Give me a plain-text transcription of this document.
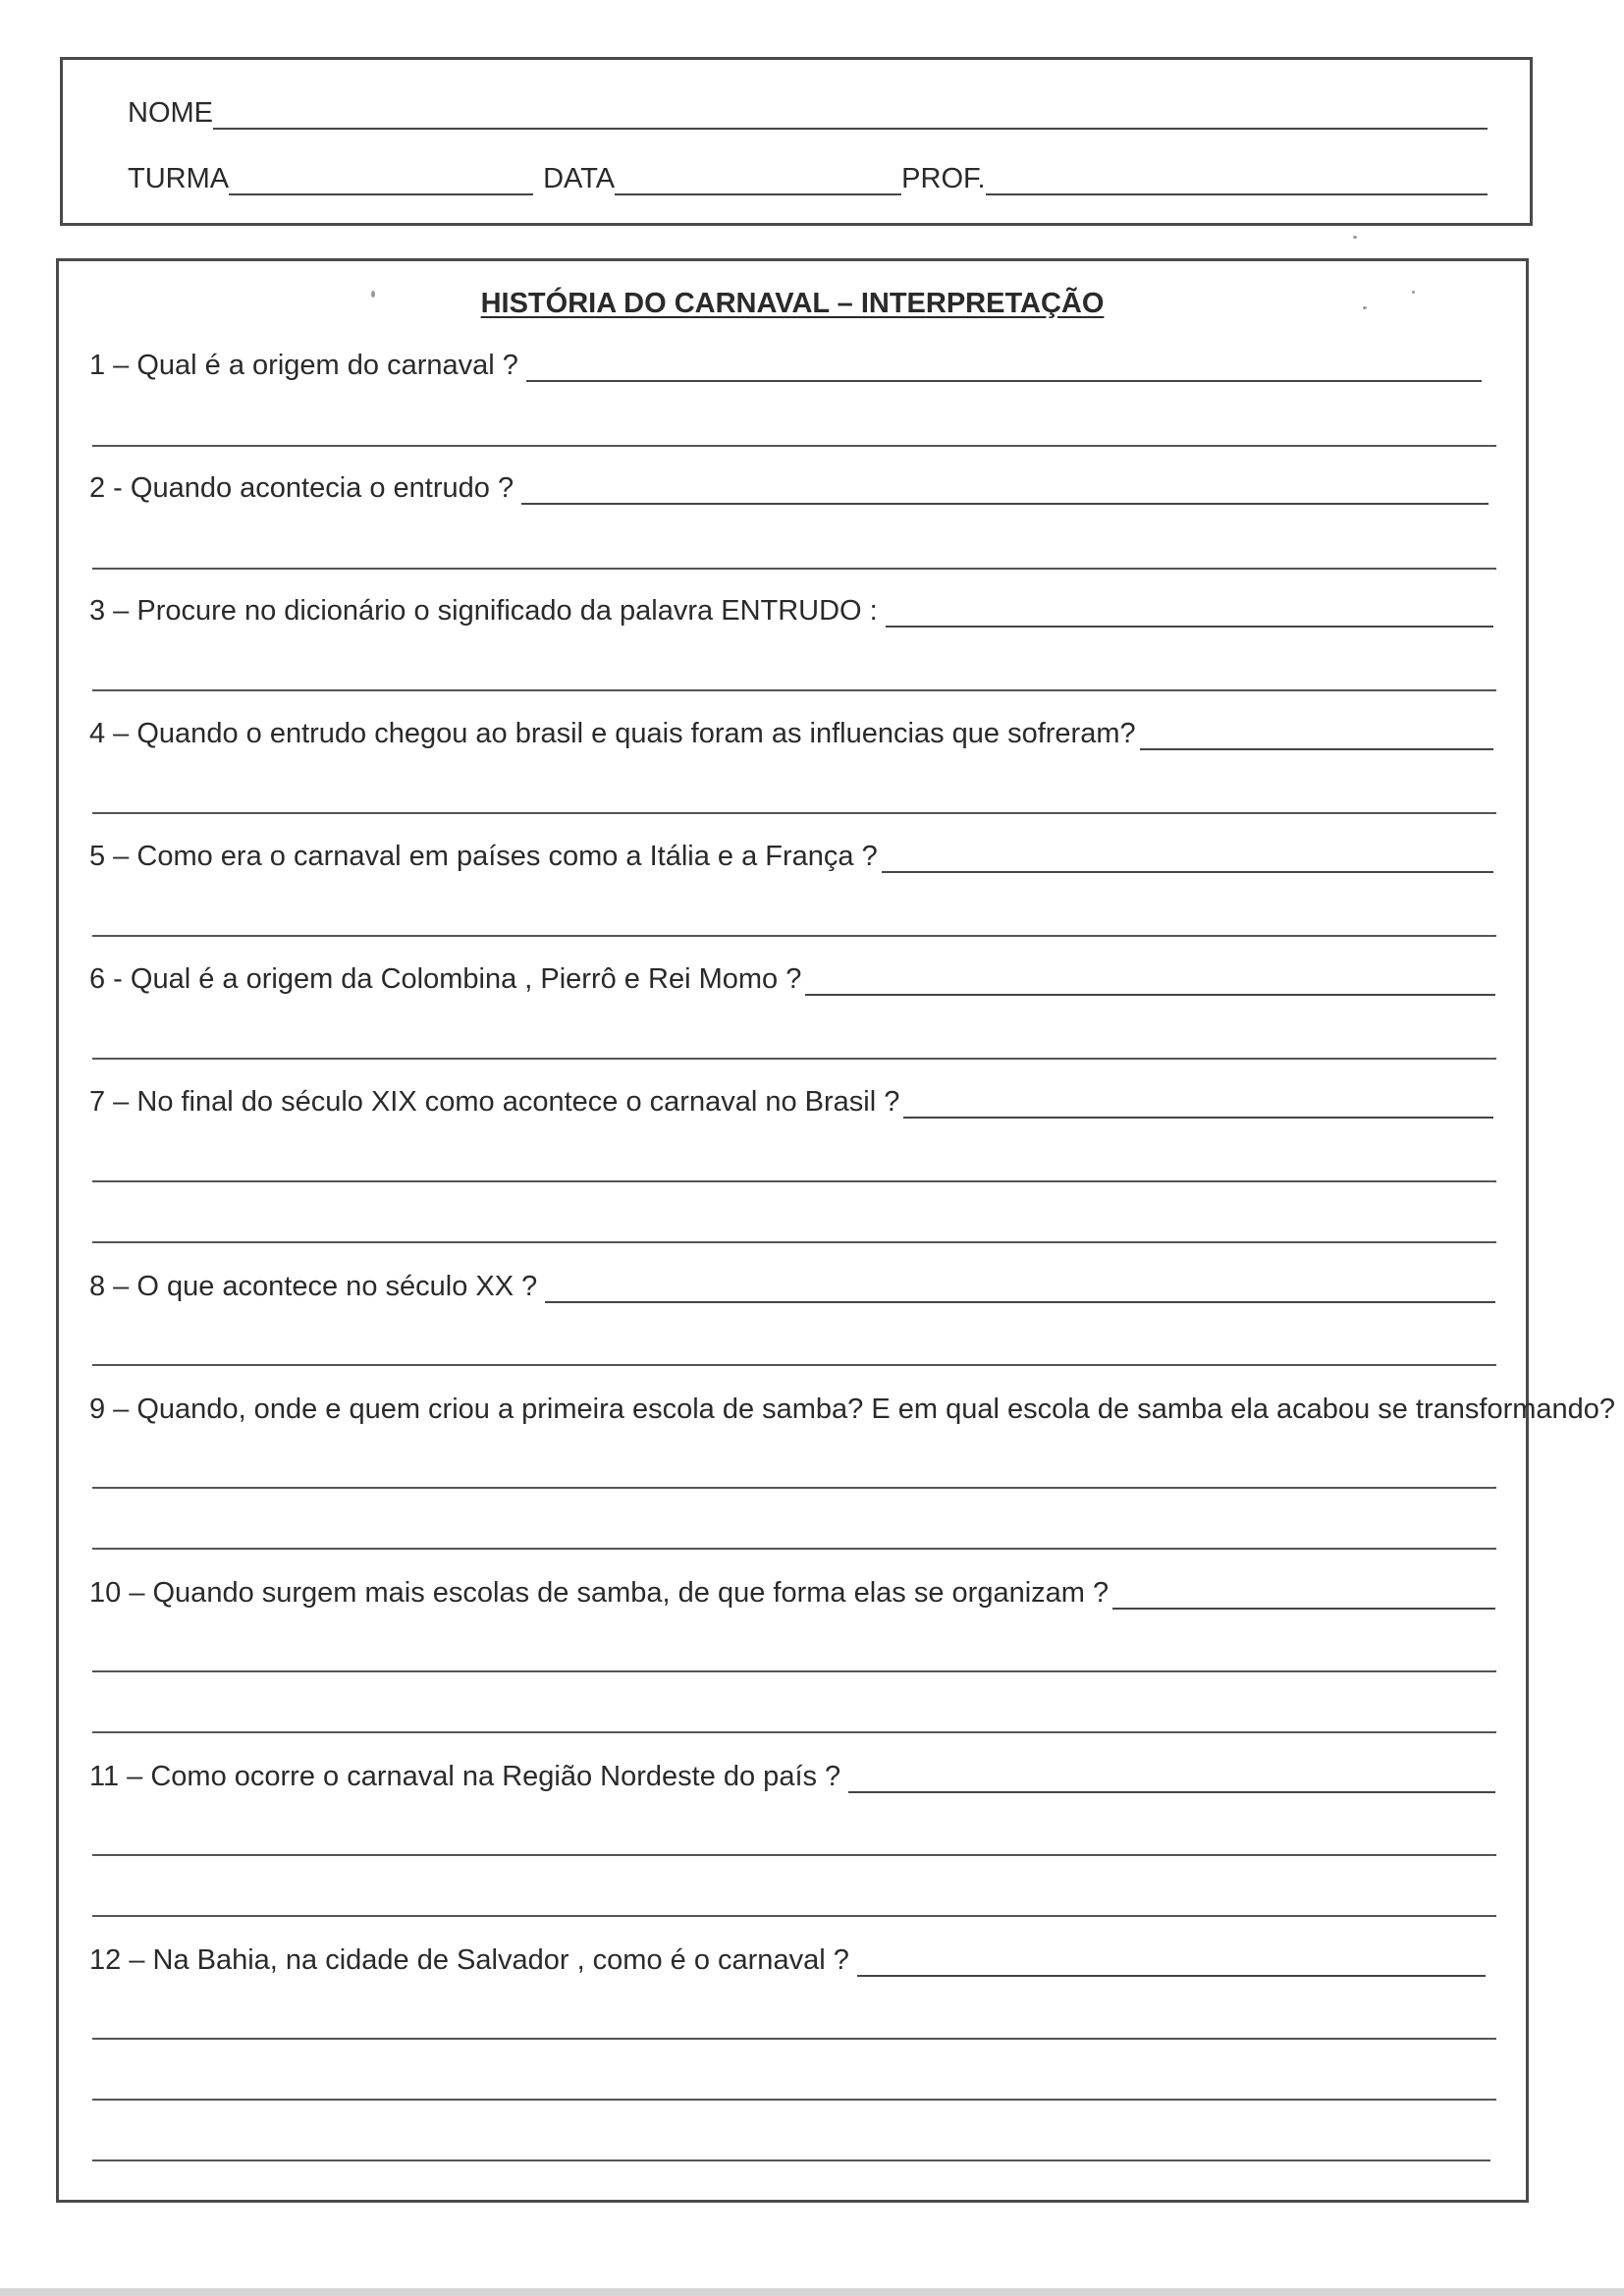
NOME
TURMA	DATA	PROF.
HISTÓRIA DO CARNAVAL – INTERPRETAÇÃO
1 – Qual é a origem do carnaval ?
2 - Quando acontecia o entrudo ?
3 – Procure no dicionário o significado da palavra ENTRUDO :
4 – Quando o entrudo chegou ao brasil e quais foram as influencias que sofreram?
5 – Como era o carnaval em países como a Itália e a França ?
6 - Qual é a origem da Colombina , Pierrô e Rei Momo ?
7 – No final do século XIX como acontece o carnaval no Brasil ?
8 – O que acontece no século XX ?
9 – Quando, onde e quem criou a primeira escola de samba? E em qual escola de samba ela acabou se transformando?
10 – Quando surgem mais escolas de samba, de que forma elas se organizam ?
11 – Como ocorre o carnaval na Região Nordeste do país ?
12 – Na Bahia, na cidade de Salvador , como é o carnaval ?
